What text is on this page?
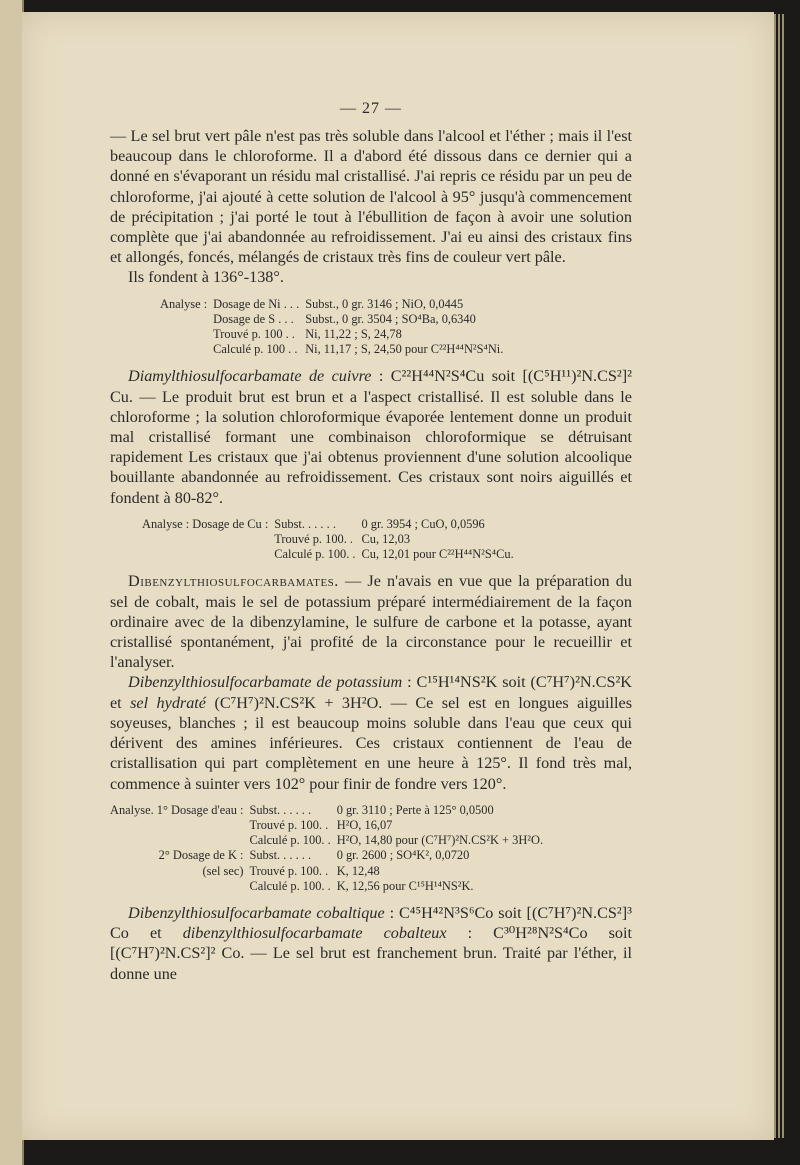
— 27 —

— Le sel brut vert pâle n'est pas très soluble dans l'alcool et l'éther ; mais il l'est beaucoup dans le chloroforme. Il a d'abord été dissous dans ce dernier qui a donné en s'évaporant un résidu mal cristallisé. J'ai repris ce résidu par un peu de chloroforme, j'ai ajouté à cette solution de l'alcool à 95° jusqu'à commencement de précipitation ; j'ai porté le tout à l'ébullition de façon à avoir une solution complète que j'ai abandonnée au refroidissement. J'ai eu ainsi des cristaux fins et allongés, foncés, mélangés de cristaux très fins de couleur vert pâle.

Ils fondent à 136°-138°.

Analyse :	Dosage de Ni . . .	Subst., 0 gr. 3146 ; NiO, 0,0445
	Dosage de S . . .	Subst., 0 gr. 3504 ; SO⁴Ba, 0,6340
	Trouvé p. 100 . .	Ni, 11,22 ; S, 24,78
	Calculé p. 100 . .	Ni, 11,17 ; S, 24,50 pour C²²H⁴⁴N²S⁴Ni.

Diamylthiosulfocarbamate de cuivre : C²²H⁴⁴N²S⁴Cu soit [(C⁵H¹¹)²N.CS²]² Cu. — Le produit brut est brun et a l'aspect cristallisé. Il est soluble dans le chloroforme ; la solution chloroformique évaporée lentement donne un produit mal cristallisé formant une combinaison chloroformique se détruisant rapidement Les cristaux que j'ai obtenus proviennent d'une solution alcoolique bouillante abandonnée au refroidissement. Ces cristaux sont noirs aiguillés et fondent à 80-82°.

Analyse : Dosage de Cu :	Subst. . . . . .	0 gr. 3954 ; CuO, 0,0596
	Trouvé p. 100. .	Cu, 12,03
	Calculé p. 100. .	Cu, 12,01 pour C²²H⁴⁴N²S⁴Cu.

Dibenzylthiosulfocarbamates. — Je n'avais en vue que la préparation du sel de cobalt, mais le sel de potassium préparé intermédiairement de la façon ordinaire avec de la dibenzylamine, le sulfure de carbone et la potasse, ayant cristallisé spontanément, j'ai profité de la circonstance pour le recueillir et l'analyser.

Dibenzylthiosulfocarbamate de potassium : C¹⁵H¹⁴NS²K soit (C⁷H⁷)²N.CS²K et sel hydraté (C⁷H⁷)²N.CS²K + 3H²O. — Ce sel est en longues aiguilles soyeuses, blanches ; il est beaucoup moins soluble dans l'eau que ceux qui dérivent des amines inférieures. Ces cristaux contiennent de l'eau de cristallisation qui part complètement en une heure à 125°. Il fond très mal, commence à suinter vers 102° pour finir de fondre vers 120°.

Analyse. 1° Dosage d'eau :	Subst. . . . . .	0 gr. 3110 ; Perte à 125° 0,0500
	Trouvé p. 100. .	H²O, 16,07
	Calculé p. 100. .	H²O, 14,80 pour (C⁷H⁷)²N.CS²K + 3H²O.
2° Dosage de K :	Subst. . . . . .	0 gr. 2600 ; SO⁴K², 0,0720
(sel sec)	Trouvé p. 100. .	K, 12,48
	Calculé p. 100. .	K, 12,56 pour C¹⁵H¹⁴NS²K.

Dibenzylthiosulfocarbamate cobaltique : C⁴⁵H⁴²N³S⁶Co soit [(C⁷H⁷)²N.CS²]³ Co et dibenzylthiosulfocarbamate cobalteux : C³⁰H²⁸N²S⁴Co soit [(C⁷H⁷)²N.CS²]² Co. — Le sel brut est franchement brun. Traité par l'éther, il donne une
